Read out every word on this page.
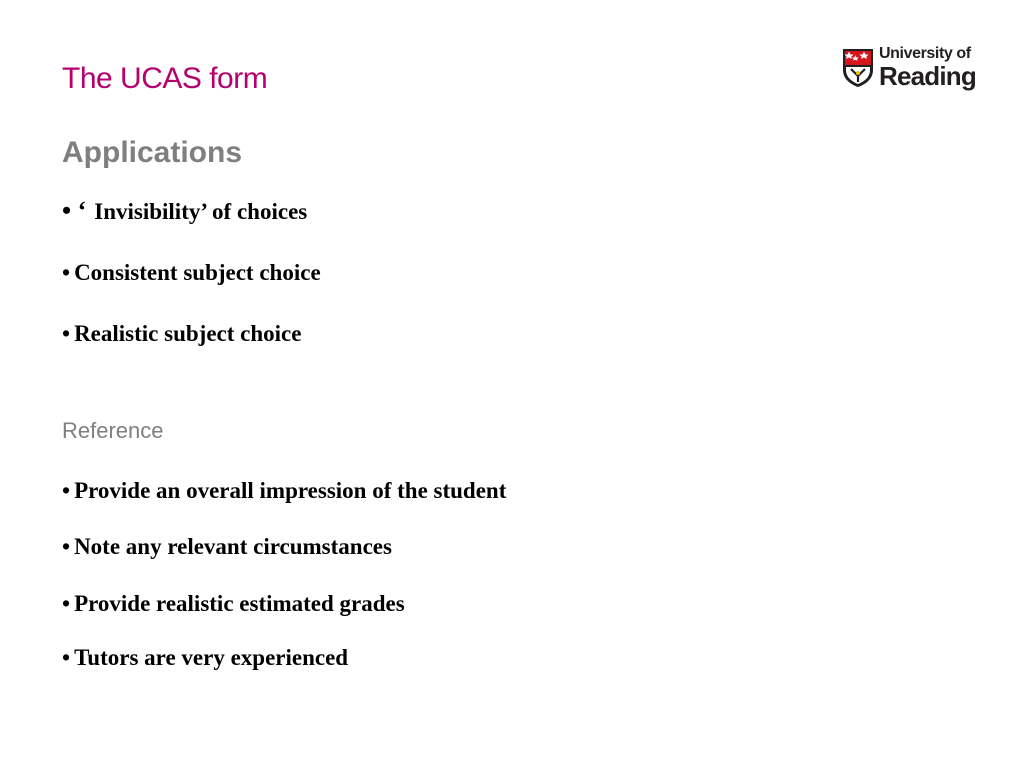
The UCAS form
University of
Reading
Applications
• ‘ Invisibility’ of choices
• Consistent subject choice
• Realistic subject choice
Reference
• Provide an overall impression of the student
• Note any relevant circumstances
• Provide realistic estimated grades
• Tutors are very experienced
